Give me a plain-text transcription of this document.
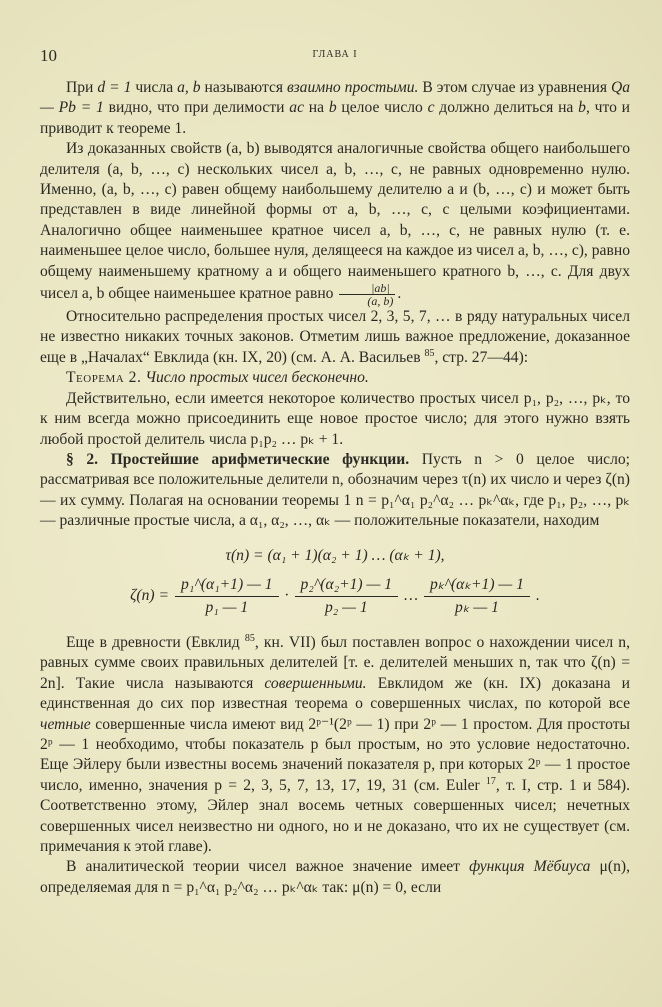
10	ГЛАВА I

При d = 1 числа a, b называются взаимно простыми. В этом случае из уравнения Qa — Pb = 1 видно, что при делимости ac на b целое число c должно делиться на b, что и приводит к теореме 1.

Из доказанных свойств (a, b) выводятся аналогичные свойства общего наибольшего делителя (a, b, …, c) нескольких чисел a, b, …, c, не равных одновременно нулю. Именно, (a, b, …, c) равен общему наибольшему делителю a и (b, …, c) и может быть представлен в виде линейной формы от a, b, …, c, с целыми коэфициентами. Аналогично общее наименьшее кратное чисел a, b, …, c, не равных нулю (т. е. наименьшее целое число, большее нуля, делящееся на каждое из чисел a, b, …, c), равно общему наименьшему кратному a и общего наименьшего кратного b, …, c. Для двух чисел a, b общее наименьшее кратное равно $\frac{|ab|}{(a, b)}$ .

Относительно распределения простых чисел 2, 3, 5, 7, … в ряду натуральных чисел не известно никаких точных законов. Отметим лишь важное предложение, доказанное еще в „Началах“ Евклида (кн. IX, 20) (см. А. А. Васильев $^{85}$, стр. 27—44):

Теорема 2. Число простых чисел бесконечно.

Действительно, если имеется некоторое количество простых чисел p₁, p₂, …, pₖ, то к ним всегда можно присоединить еще новое простое число; для этого нужно взять любой простой делитель числа p₁p₂ … pₖ + 1.

§ 2. Простейшие арифметические функции. Пусть n > 0 целое число; рассматривая все положительные делители n, обозначим через τ(n) их число и через ζ(n) — их сумму. Полагая на основании теоремы 1 n = p₁^α₁ p₂^α₂ … pₖ^αₖ, где p₁, p₂, …, pₖ — различные простые числа, а α₁, α₂, …, αₖ — положительные показатели, находим

τ(n) = (α₁ + 1)(α₂ + 1) … (αₖ + 1),

$\zeta(n) = \frac{\text{p₁\textasciicircum{}(α₁+1) — 1}}{\text{p₁ — 1}} \cdot \frac{\text{p₂\textasciicircum{}(α₂+1) — 1}}{\text{p₂ — 1}}$ … $\frac{\text{pₖ\textasciicircum{}(αₖ+1) — 1}}{\text{pₖ — 1}}$ .

Еще в древности (Евклид $^{85}$, кн. VII) был поставлен вопрос о нахождении чисел n, равных сумме своих правильных делителей [т. е. делителей меньших n, так что ζ(n) = 2n]. Такие числа называются совершенными. Евклидом же (кн. IX) доказана и единственная до сих пор известная теорема о совершенных числах, по которой все четные совершенные числа имеют вид 2ᵖ⁻¹(2ᵖ — 1) при 2ᵖ — 1 простом. Для простоты 2ᵖ — 1 необходимо, чтобы показатель p был простым, но это условие недостаточно. Еще Эйлеру были известны восемь значений показателя p, при которых 2ᵖ — 1 простое число, именно, значения p = 2, 3, 5, 7, 13, 17, 19, 31 (см. Euler $^{17}$, т. I, стр. 1 и 584). Соответственно этому, Эйлер знал восемь четных совершенных чисел; нечетных совершенных чисел неизвестно ни одного, но и не доказано, что их не существует (см. примечания к этой главе).

В аналитической теории чисел важное значение имеет функция Мёбиуса μ(n), определяемая для n = p₁^α₁ p₂^α₂ … pₖ^αₖ так: μ(n) = 0, если
